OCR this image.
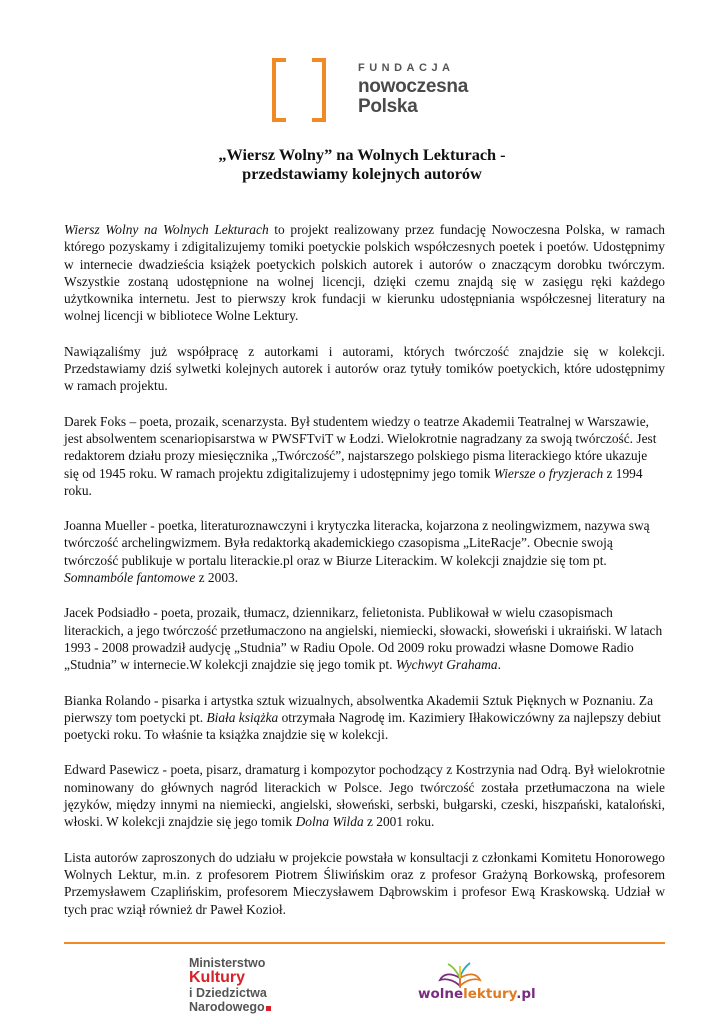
FUNDACJA
nowoczesna
Polska
„Wiersz Wolny” na Wolnych Lekturach -
przedstawiamy kolejnych autorów

Wiersz Wolny na Wolnych Lekturach to projekt realizowany przez fundację Nowoczesna Polska, w ramach którego pozyskamy i zdigitalizujemy tomiki poetyckie polskich współczesnych poetek i poetów. Udostępnimy w internecie dwadzieścia książek poetyckich polskich autorek i autorów o znaczącym dorobku twórczym. Wszystkie zostaną udostępnione na wolnej licencji, dzięki czemu znajdą się w zasięgu ręki każdego użytkownika internetu. Jest to pierwszy krok fundacji w kierunku udostępniania współczesnej literatury na wolnej licencji w bibliotece Wolne Lektury.

Nawiązaliśmy już współpracę z autorkami i autorami, których twórczość znajdzie się w kolekcji. Przedstawiamy dziś sylwetki kolejnych autorek i autorów oraz tytuły tomików poetyckich, które udostępnimy w ramach projektu.

Darek Foks – poeta, prozaik, scenarzysta. Był studentem wiedzy o teatrze Akademii Teatralnej w Warszawie, jest absolwentem scenariopisarstwa w PWSFTviT w Łodzi. Wielokrotnie nagradzany za swoją twórczość. Jest redaktorem działu prozy miesięcznika „Twórczość”, najstarszego polskiego pisma literackiego które ukazuje się od 1945 roku. W ramach projektu zdigitalizujemy i udostępnimy jego tomik Wiersze o fryzjerach z 1994 roku.

Joanna Mueller - poetka, literaturoznawczyni i krytyczka literacka, kojarzona z neolingwizmem, nazywa swą twórczość archelingwizmem. Była redaktorką akademickiego czasopisma „LiteRacje”. Obecnie swoją twórczość publikuje w portalu literackie.pl oraz w Biurze Literackim. W kolekcji znajdzie się tom pt. Somnambóle fantomowe z 2003.

Jacek Podsiadło - poeta, prozaik, tłumacz, dziennikarz, felietonista. Publikował w wielu czasopismach literackich, a jego twórczość przetłumaczono na angielski, niemiecki, słowacki, słoweński i ukraiński. W latach 1993 - 2008 prowadził audycję „Studnia” w Radiu Opole. Od 2009 roku prowadzi własne Domowe Radio „Studnia” w internecie.W kolekcji znajdzie się jego tomik pt. Wychwyt Grahama.

Bianka Rolando - pisarka i artystka sztuk wizualnych, absolwentka Akademii Sztuk Pięknych w Poznaniu. Za pierwszy tom poetycki pt. Biała książka otrzymała Nagrodę im. Kazimiery Iłłakowiczówny za najlepszy debiut poetycki roku. To właśnie ta książka znajdzie się w kolekcji.

Edward Pasewicz - poeta, pisarz, dramaturg i kompozytor pochodzący z Kostrzynia nad Odrą. Był wielokrotnie nominowany do głównych nagród literackich w Polsce. Jego twórczość została przetłumaczona na wiele języków, między innymi na niemiecki, angielski, słoweński, serbski, bułgarski, czeski, hiszpański, kataloński, włoski. W kolekcji znajdzie się jego tomik Dolna Wilda z 2001 roku.

Lista autorów zaproszonych do udziału w projekcie powstała w konsultacji z członkami Komitetu Honorowego Wolnych Lektur, m.in. z profesorem Piotrem Śliwińskim oraz z profesor Grażyną Borkowską, profesorem Przemysławem Czaplińskim, profesorem Mieczysławem Dąbrowskim i profesor Ewą Kraskowską. Udział w tych prac wziął również dr Paweł Kozioł.

Ministerstwo
Kultury
i Dziedzictwa
Narodowego
wolnelektury.pl
